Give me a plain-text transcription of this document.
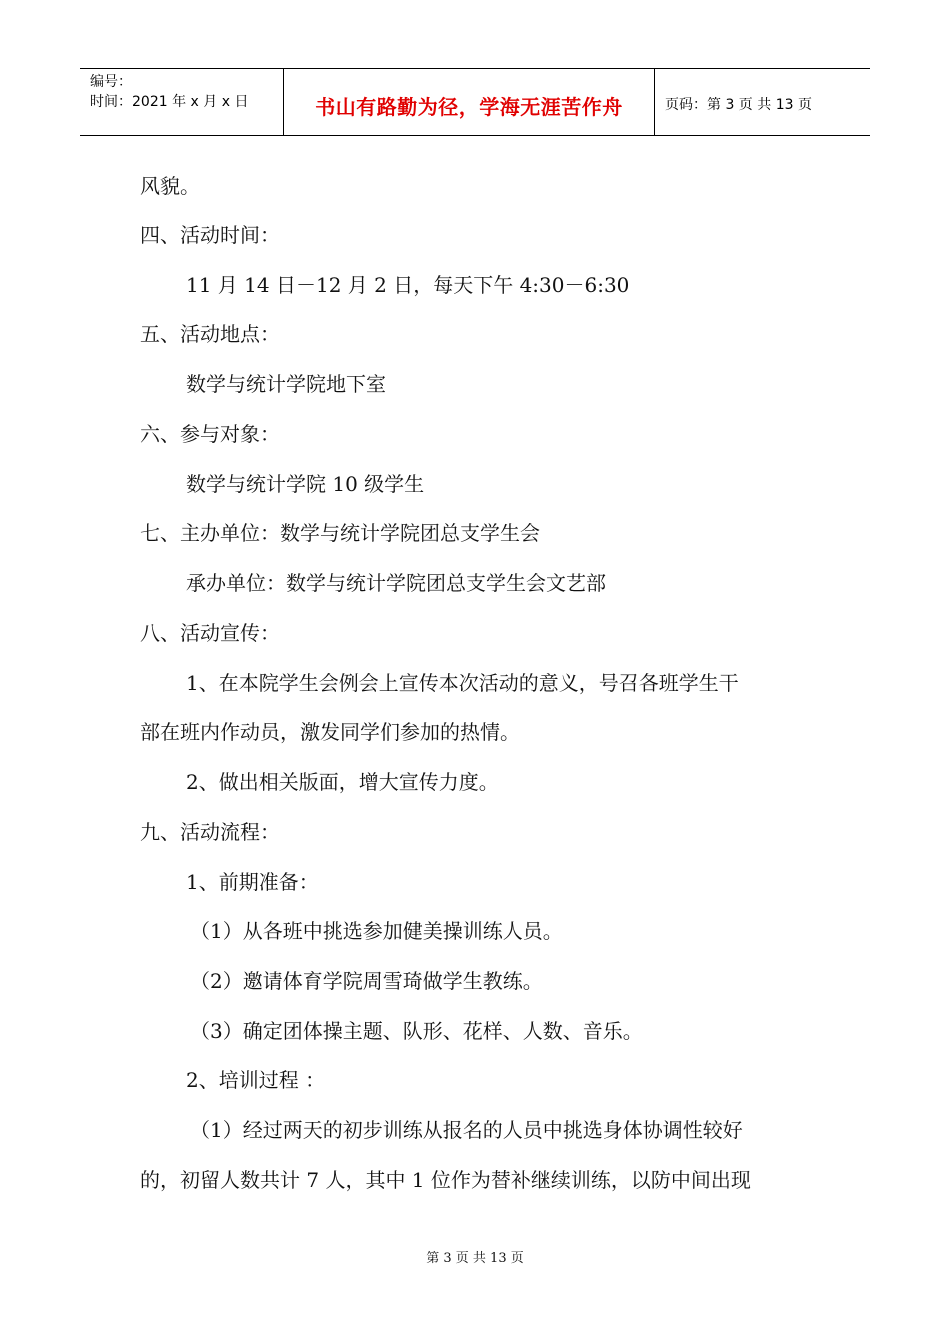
编号：
时间：2021 年 x 月 x 日	书山有路勤为径，学海无涯苦作舟	页码：第 3 页 共 13 页
风貌。
四、活动时间：
11 月 14 日－12 月 2 日，每天下午 4:30－6:30
五、活动地点：
数学与统计学院地下室
六、参与对象：
数学与统计学院 10 级学生
七、主办单位：数学与统计学院团总支学生会
承办单位：数学与统计学院团总支学生会文艺部
八、活动宣传：
1、在本院学生会例会上宣传本次活动的意义，号召各班学生干
部在班内作动员，激发同学们参加的热情。
2、做出相关版面，增大宣传力度。
九、活动流程：
1、前期准备：
（1）从各班中挑选参加健美操训练人员。
（2）邀请体育学院周雪琦做学生教练。
（3）确定团体操主题、队形、花样、人数、音乐。
2、培训过程 ：
（1）经过两天的初步训练从报名的人员中挑选身体协调性较好
的，初留人数共计 7 人，其中 1 位作为替补继续训练，以防中间出现
第 3 页 共 13 页
